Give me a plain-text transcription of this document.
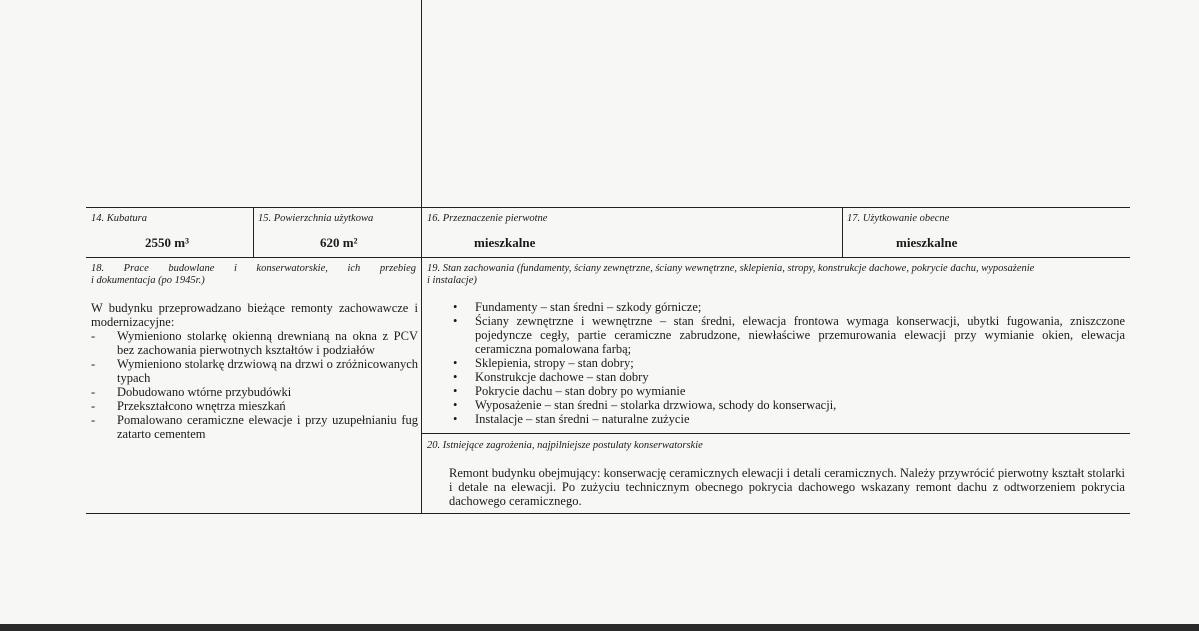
14. Kubatura
2550 m³
15. Powierzchnia użytkowa
620 m²
16. Przeznaczenie pierwotne
mieszkalne
17. Użytkowanie obecne
mieszkalne
18. Prace budowlane i konserwatorskie, ich przebieg
i dokumentacja (po 1945r.)
W budynku przeprowadzano bieżące remonty zachowawcze i modernizacyjne:
- Wymieniono stolarkę okienną drewnianą na okna z PCV bez zachowania pierwotnych kształtów i podziałów
- Wymieniono stolarkę drzwiową na drzwi o zróżnicowanych typach
- Dobudowano wtórne przybudówki
- Przekształcono wnętrza mieszkań
- Pomalowano ceramiczne elewacje i przy uzupełnianiu fug zatarto cementem
19. Stan zachowania (fundamenty, ściany zewnętrzne, ściany wewnętrzne, sklepienia, stropy, konstrukcje dachowe, pokrycie dachu, wyposażenie
i instalacje)
• Fundamenty – stan średni – szkody górnicze;
• Ściany zewnętrzne i wewnętrzne – stan średni, elewacja frontowa wymaga konserwacji, ubytki fugowania, zniszczone pojedyncze cegły, partie ceramiczne zabrudzone, niewłaściwe przemurowania elewacji przy wymianie okien, elewacja ceramiczna pomalowana farbą;
• Sklepienia, stropy – stan dobry;
• Konstrukcje dachowe – stan dobry
• Pokrycie dachu – stan dobry po wymianie
• Wyposażenie – stan średni – stolarka drzwiowa, schody do konserwacji,
• Instalacje – stan średni – naturalne zużycie
20. Istniejące zagrożenia, najpilniejsze postulaty konserwatorskie
Remont budynku obejmujący: konserwację ceramicznych elewacji i detali ceramicznych. Należy przywrócić pierwotny kształt stolarki i detale na elewacji. Po zużyciu technicznym obecnego pokrycia dachowego wskazany remont dachu z odtworzeniem pokrycia dachowego ceramicznego.
